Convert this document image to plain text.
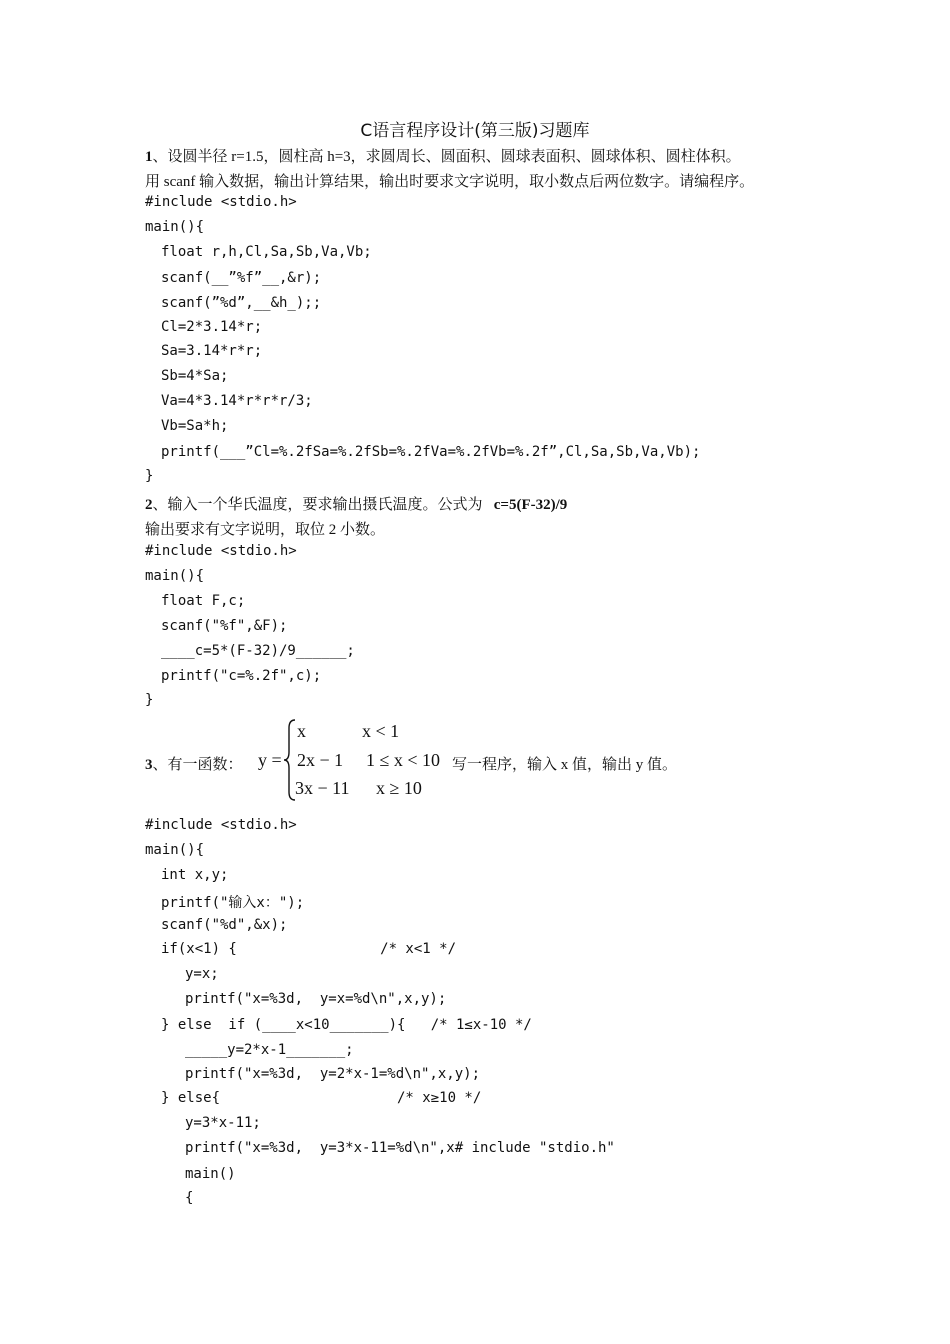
C语言程序设计(第三版)习题库
1、设圆半径 r=1.5，圆柱高 h=3，求圆周长、圆面积、圆球表面积、圆球体积、圆柱体积。
用 scanf 输入数据，输出计算结果，输出时要求文字说明，取小数点后两位数字。请编程序。
#include <stdio.h>
main(){
float r,h,Cl,Sa,Sb,Va,Vb;
scanf(__”%f”__,&r);
scanf(”%d”,__&h_);;
Cl=2*3.14*r;
Sa=3.14*r*r;
Sb=4*Sa;
Va=4*3.14*r*r*r/3;
Vb=Sa*h;
printf(___”Cl=%.2fSa=%.2fSb=%.2fVa=%.2fVb=%.2f”,Cl,Sa,Sb,Va,Vb);
}
2、输入一个华氏温度，要求输出摄氏温度。公式为 c=5(F-32)/9
输出要求有文字说明，取位 2 小数。
#include <stdio.h>
main(){
float F,c;
scanf("%f",&F);
____c=5*(F-32)/9______;
printf("c=%.2f",c);
}
3、有一函数： y =
x	x < 1
2x − 1 1 ≤ x < 10
3x − 11 x ≥ 10
写一程序，输入 x 值，输出 y 值。
#include <stdio.h>
main(){
int x,y;
printf("输入x：");
scanf("%d",&x);
if(x<1) {                 /* x<1 */
y=x;
printf("x=%3d,  y=x=%d\n",x,y);
} else  if (____x<10_______){   /* 1≤x-10 */
_____y=2*x-1_______;
printf("x=%3d,  y=2*x-1=%d\n",x,y);
} else{                     /* x≥10 */
y=3*x-11;
printf("x=%3d,  y=3*x-11=%d\n",x# include "stdio.h"
main()
{
